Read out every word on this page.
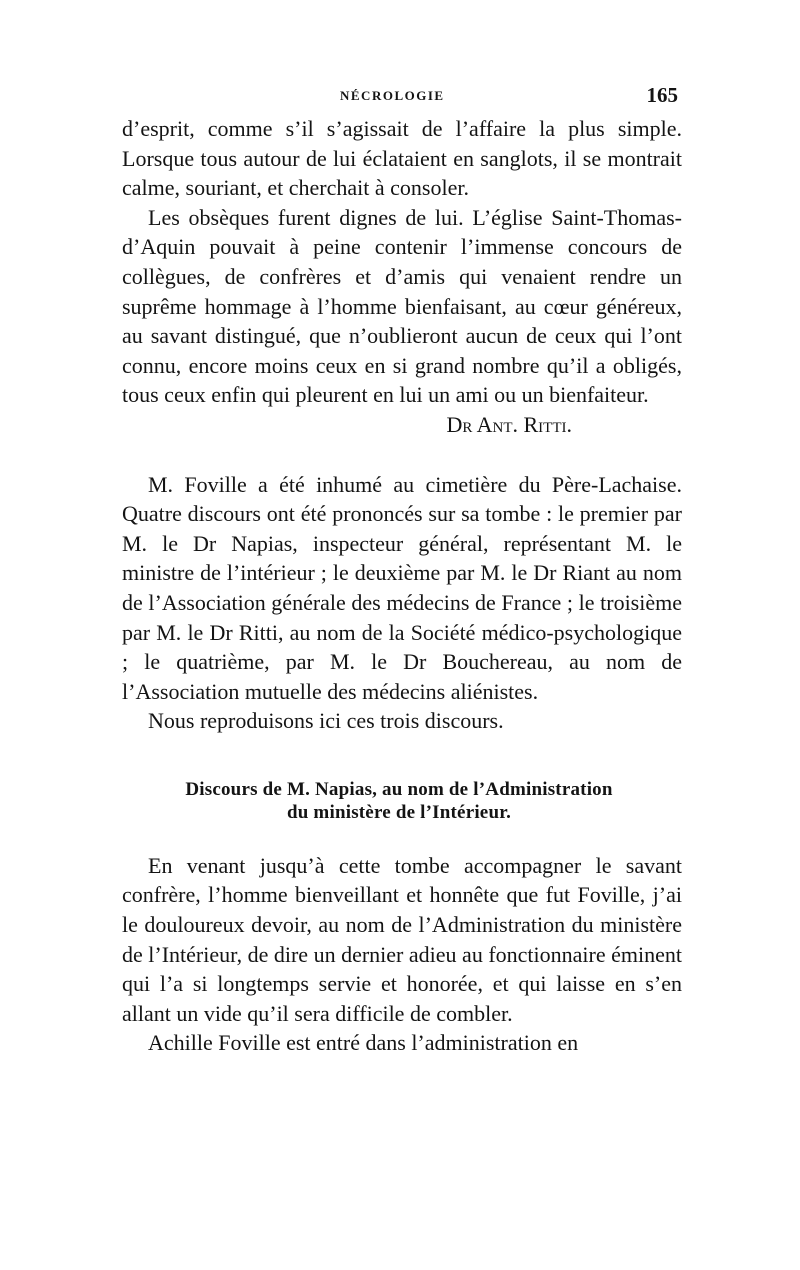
NÉCROLOGIE	165

d’esprit, comme s’il s’agissait de l’affaire la plus simple. Lorsque tous autour de lui éclataient en sanglots, il se montrait calme, souriant, et cherchait à consoler.

Les obsèques furent dignes de lui. L’église Saint-Thomas-d’Aquin pouvait à peine contenir l’immense concours de collègues, de confrères et d’amis qui venaient rendre un suprême hommage à l’homme bienfaisant, au cœur généreux, au savant distingué, que n’oublieront aucun de ceux qui l’ont connu, encore moins ceux en si grand nombre qu’il a obligés, tous ceux enfin qui pleurent en lui un ami ou un bienfaiteur.

Dr Ant. Ritti.

M. Foville a été inhumé au cimetière du Père-Lachaise. Quatre discours ont été prononcés sur sa tombe : le premier par M. le Dr Napias, inspecteur général, représentant M. le ministre de l’intérieur ; le deuxième par M. le Dr Riant au nom de l’Association générale des médecins de France ; le troisième par M. le Dr Ritti, au nom de la Société médico-psychologique ; le quatrième, par M. le Dr Bouchereau, au nom de l’Association mutuelle des médecins aliénistes.

Nous reproduisons ici ces trois discours.

Discours de M. Napias, au nom de l’Administration
du ministère de l’Intérieur.

En venant jusqu’à cette tombe accompagner le savant confrère, l’homme bienveillant et honnête que fut Foville, j’ai le douloureux devoir, au nom de l’Administration du ministère de l’Intérieur, de dire un dernier adieu au fonctionnaire éminent qui l’a si longtemps servie et honorée, et qui laisse en s’en allant un vide qu’il sera difficile de combler.

Achille Foville est entré dans l’administration en
